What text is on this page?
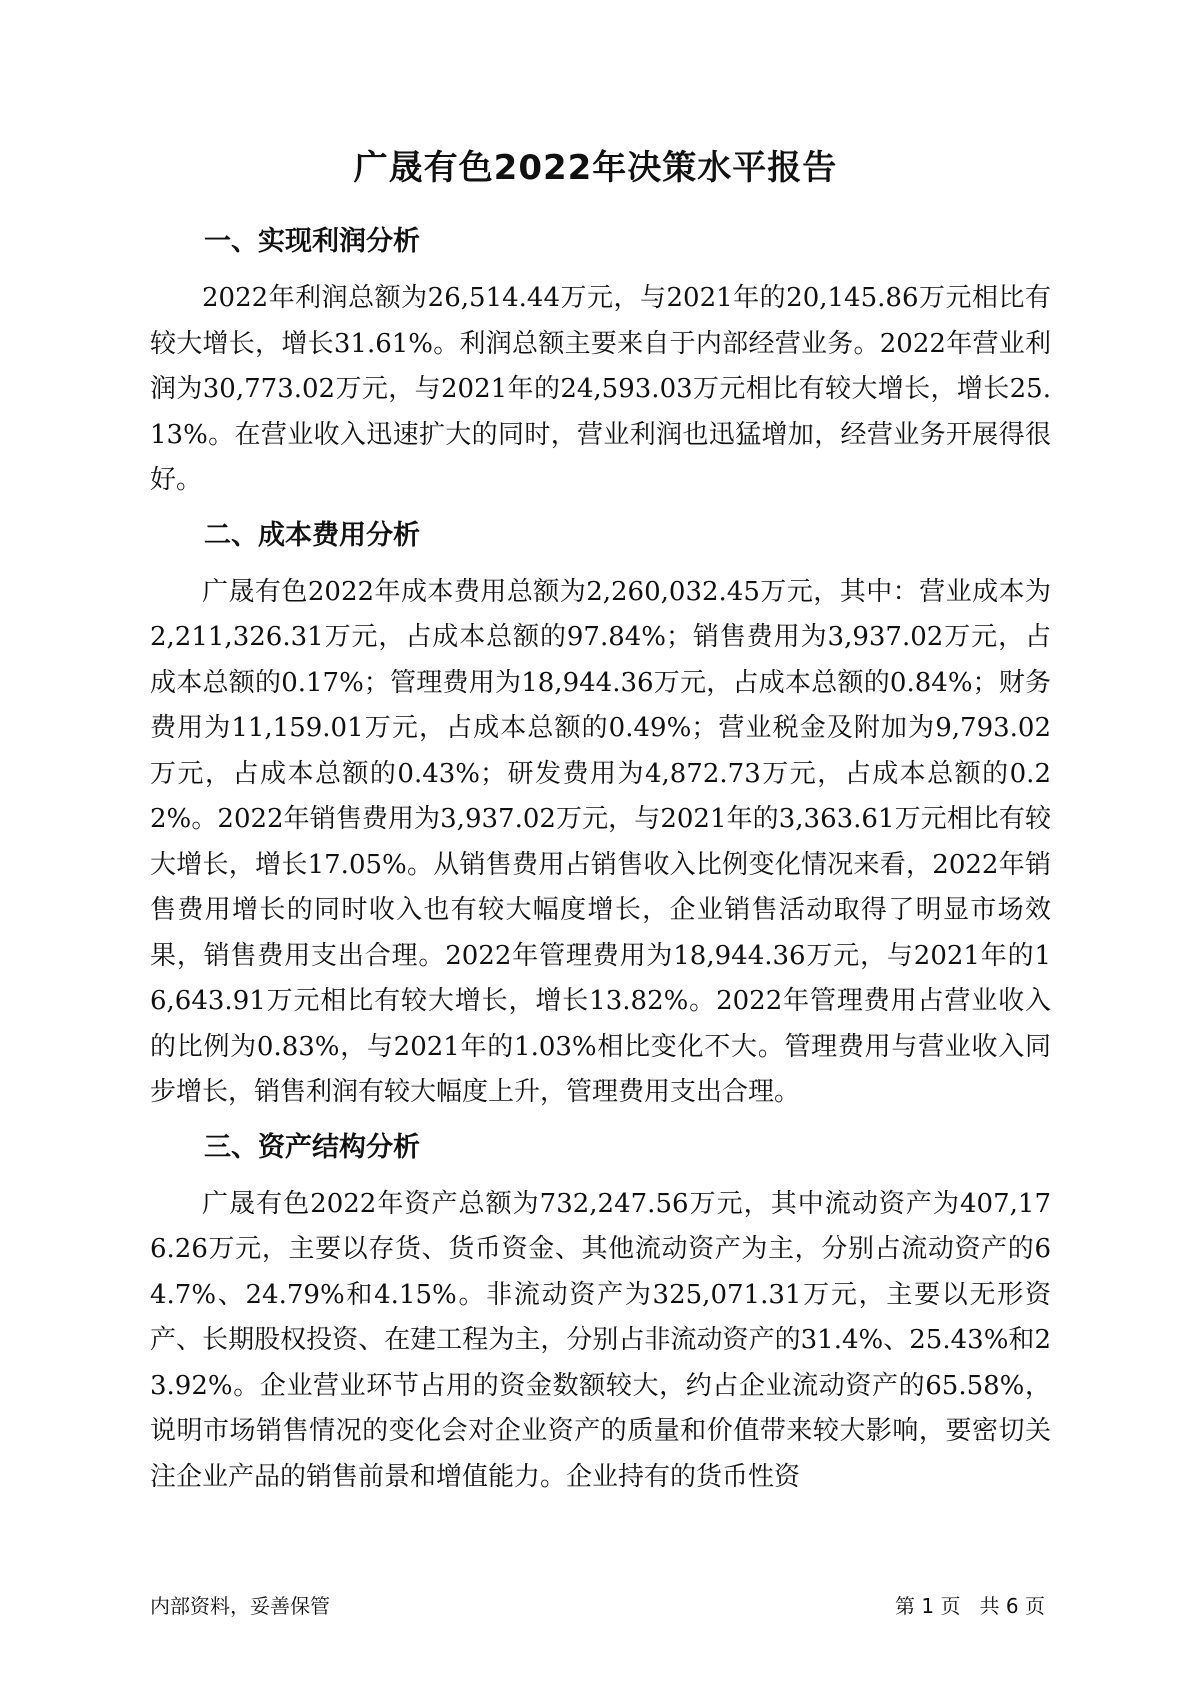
广晟有色2022年决策水平报告
一、实现利润分析

2022年利润总额为26,514.44万元，与2021年的20,145.86万元相比有较大增长，增长31.61%。利润总额主要来自于内部经营业务。2022年营业利润为30,773.02万元，与2021年的24,593.03万元相比有较大增长，增长25.13%。在营业收入迅速扩大的同时，营业利润也迅猛增加，经营业务开展得很好。

二、成本费用分析

广晟有色2022年成本费用总额为2,260,032.45万元，其中：营业成本为2,211,326.31万元，占成本总额的97.84%；销售费用为3,937.02万元，占成本总额的0.17%；管理费用为18,944.36万元，占成本总额的0.84%；财务费用为11,159.01万元，占成本总额的0.49%；营业税金及附加为9,793.02万元，占成本总额的0.43%；研发费用为4,872.73万元，占成本总额的0.22%。2022年销售费用为3,937.02万元，与2021年的3,363.61万元相比有较大增长，增长17.05%。从销售费用占销售收入比例变化情况来看，2022年销售费用增长的同时收入也有较大幅度增长，企业销售活动取得了明显市场效果，销售费用支出合理。2022年管理费用为18,944.36万元，与2021年的16,643.91万元相比有较大增长，增长13.82%。2022年管理费用占营业收入的比例为0.83%，与2021年的1.03%相比变化不大。管理费用与营业收入同步增长，销售利润有较大幅度上升，管理费用支出合理。

三、资产结构分析

广晟有色2022年资产总额为732,247.56万元，其中流动资产为407,176.26万元，主要以存货、货币资金、其他流动资产为主，分别占流动资产的64.7%、24.79%和4.15%。非流动资产为325,071.31万元，主要以无形资产、长期股权投资、在建工程为主，分别占非流动资产的31.4%、25.43%和23.92%。企业营业环节占用的资金数额较大，约占企业流动资产的65.58%，说明市场销售情况的变化会对企业资产的质量和价值带来较大影响，要密切关注企业产品的销售前景和增值能力。企业持有的货币性资

内部资料，妥善保管	第 1 页   共 6 页
